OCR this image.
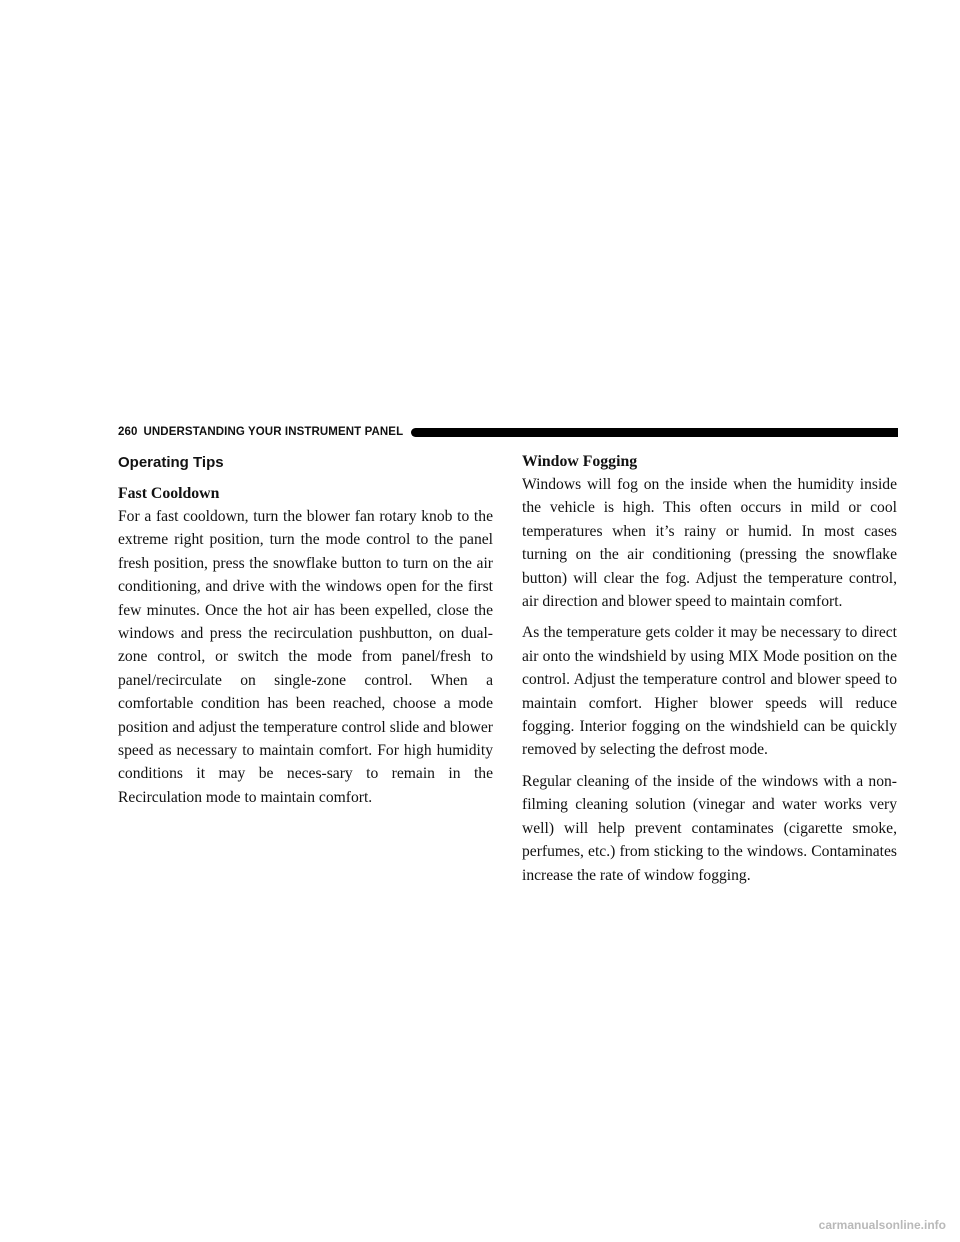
260 UNDERSTANDING YOUR INSTRUMENT PANEL
Operating Tips
Fast Cooldown

For a fast cooldown, turn the blower fan rotary knob to the extreme right position, turn the mode control to the panel fresh position, press the snowflake button to turn on the air conditioning, and drive with the windows open for the first few minutes. Once the hot air has been expelled, close the windows and press the recirculation pushbutton, on dual-zone control, or switch the mode from panel/fresh to panel/recirculate on single-zone control. When a comfortable condition has been reached, choose a mode position and adjust the temperature control slide and blower speed as necessary to maintain comfort. For high humidity conditions it may be neces-sary to remain in the Recirculation mode to maintain comfort.

Window Fogging

Windows will fog on the inside when the humidity inside the vehicle is high. This often occurs in mild or cool temperatures when it’s rainy or humid. In most cases turning on the air conditioning (pressing the snowflake button) will clear the fog. Adjust the temperature control, air direction and blower speed to maintain comfort.

As the temperature gets colder it may be necessary to direct air onto the windshield by using MIX Mode position on the control. Adjust the temperature control and blower speed to maintain comfort. Higher blower speeds will reduce fogging. Interior fogging on the windshield can be quickly removed by selecting the defrost mode.

Regular cleaning of the inside of the windows with a non-filming cleaning solution (vinegar and water works very well) will help prevent contaminates (cigarette smoke, perfumes, etc.) from sticking to the windows. Contaminates increase the rate of window fogging.

carmanualsonline.info
